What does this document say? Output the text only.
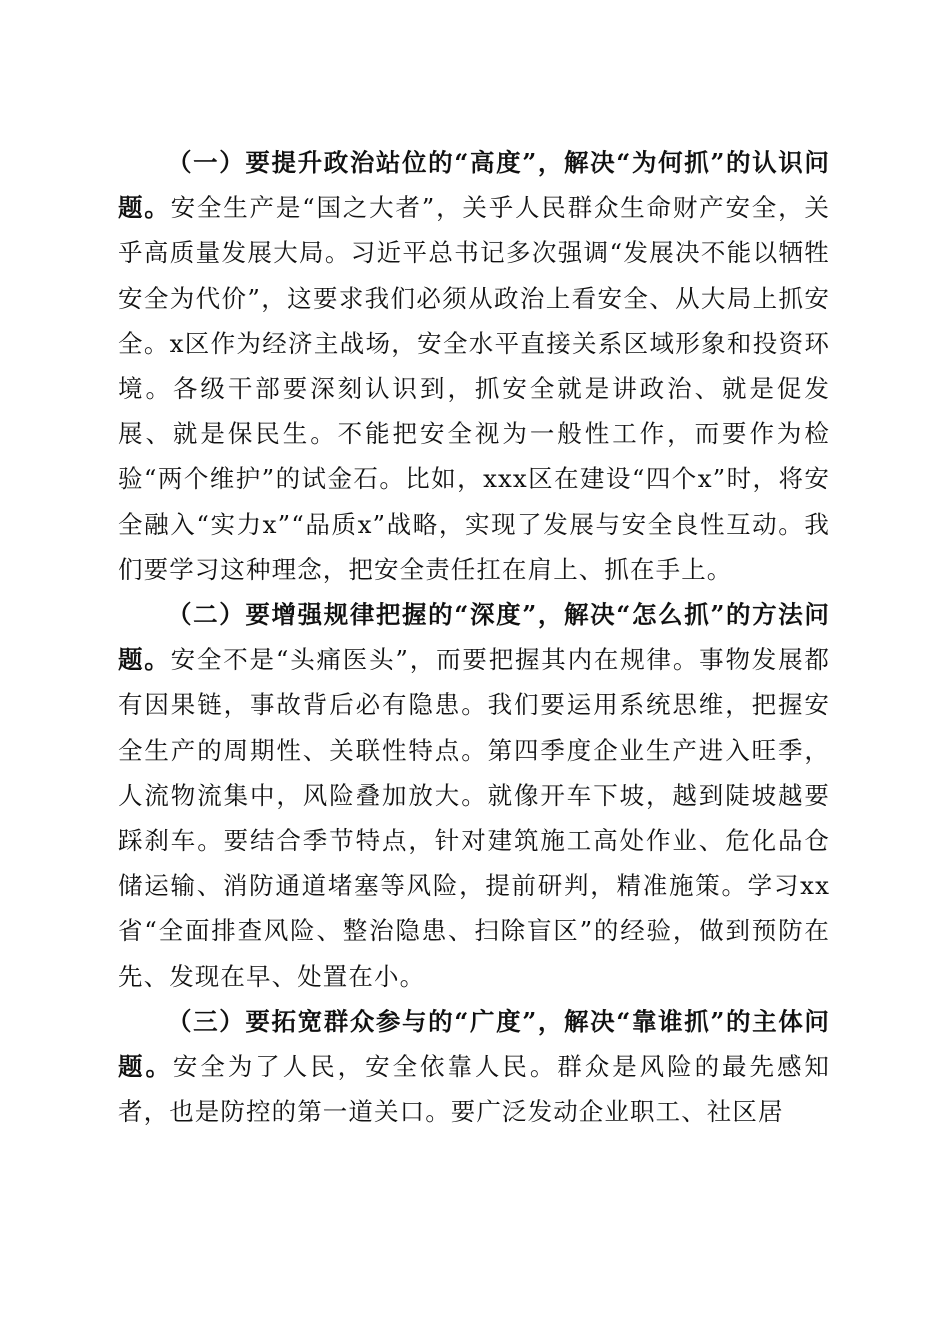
（一）要提升政治站位的“高度”，解决“为何抓”的认识问题。安全生产是“国之大者”，关乎人民群众生命财产安全，关乎高质量发展大局。习近平总书记多次强调“发展决不能以牺牲安全为代价”，这要求我们必须从政治上看安全、从大局上抓安全。x区作为经济主战场，安全水平直接关系区域形象和投资环境。各级干部要深刻认识到，抓安全就是讲政治、就是促发展、就是保民生。不能把安全视为一般性工作，而要作为检验“两个维护”的试金石。比如，xxx区在建设“四个x”时，将安全融入“实力x”“品质x”战略，实现了发展与安全良性互动。我们要学习这种理念，把安全责任扛在肩上、抓在手上。

（二）要增强规律把握的“深度”，解决“怎么抓”的方法问题。安全不是“头痛医头”，而要把握其内在规律。事物发展都有因果链，事故背后必有隐患。我们要运用系统思维，把握安全生产的周期性、关联性特点。第四季度企业生产进入旺季，人流物流集中，风险叠加放大。就像开车下坡，越到陡坡越要踩刹车。要结合季节特点，针对建筑施工高处作业、危化品仓储运输、消防通道堵塞等风险，提前研判，精准施策。学习xx省“全面排查风险、整治隐患、扫除盲区”的经验，做到预防在先、发现在早、处置在小。

（三）要拓宽群众参与的“广度”，解决“靠谁抓”的主体问题。安全为了人民，安全依靠人民。群众是风险的最先感知者，也是防控的第一道关口。要广泛发动企业职工、社区居
